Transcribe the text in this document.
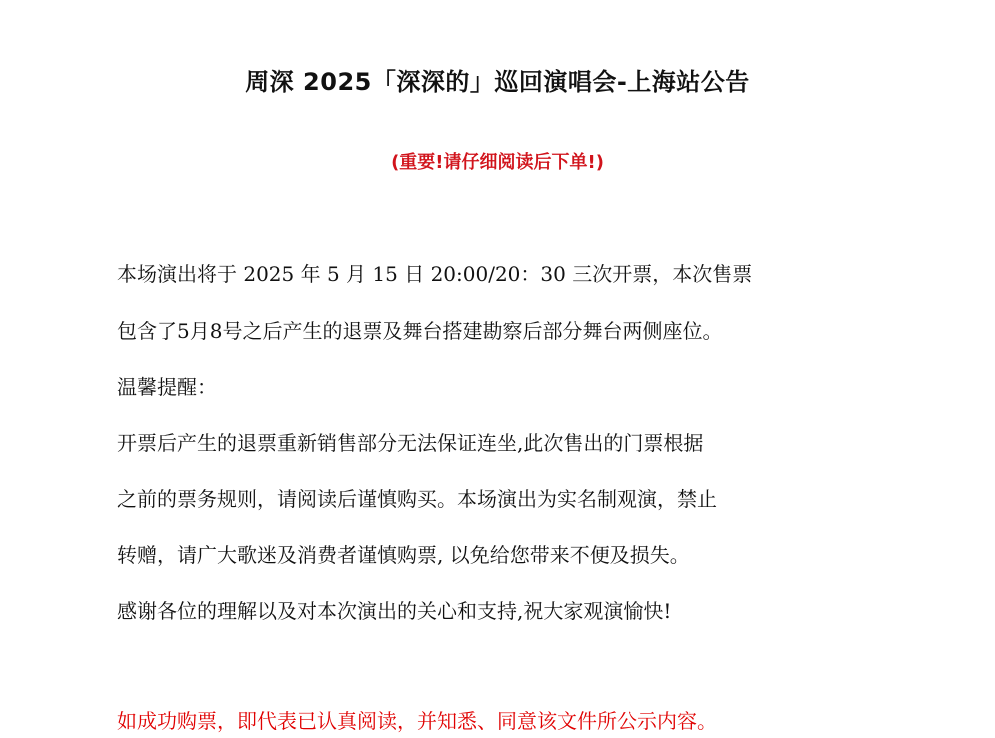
周深 2025「深深的」巡回演唱会-上海站公告
(重要!请仔细阅读后下单!)
本场演出将于 2025 年 5 月 15 日 20:00/20：30 三次开票，本次售票
包含了5月8号之后产生的退票及舞台搭建勘察后部分舞台两侧座位。
温馨提醒：
开票后产生的退票重新销售部分无法保证连坐,此次售出的门票根据
之前的票务规则，请阅读后谨慎购买。本场演出为实名制观演，禁止
转赠，请广大歌迷及消费者谨慎购票, 以免给您带来不便及损失。
感谢各位的理解以及对本次演出的关心和支持,祝大家观演愉快!
如成功购票，即代表已认真阅读，并知悉、同意该文件所公示内容。
